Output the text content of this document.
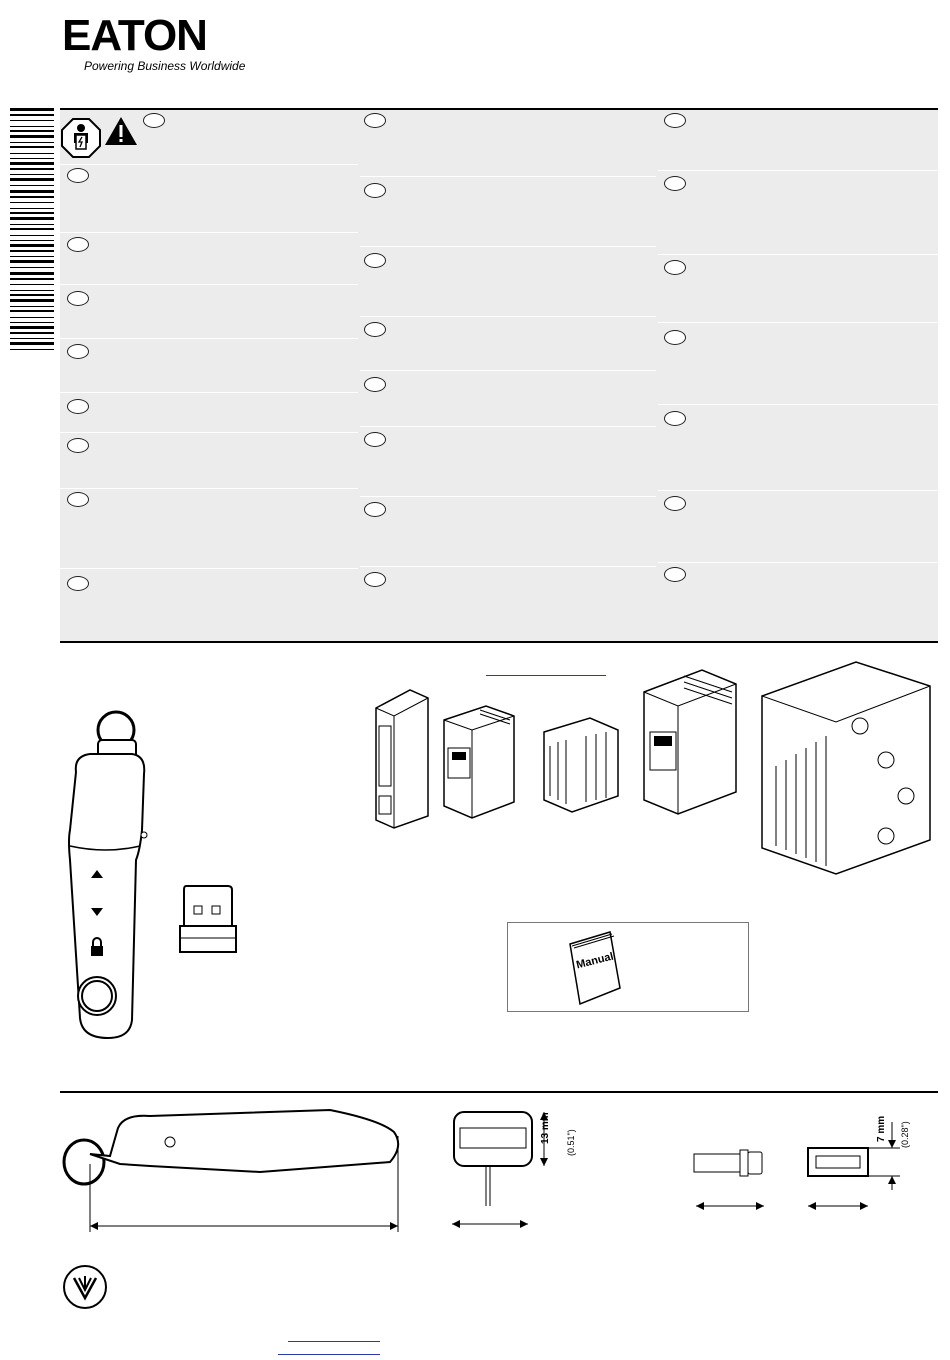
EATON
Powering Business Worldwide
Manual
13 mm (0.51")
7 mm (0.28")
